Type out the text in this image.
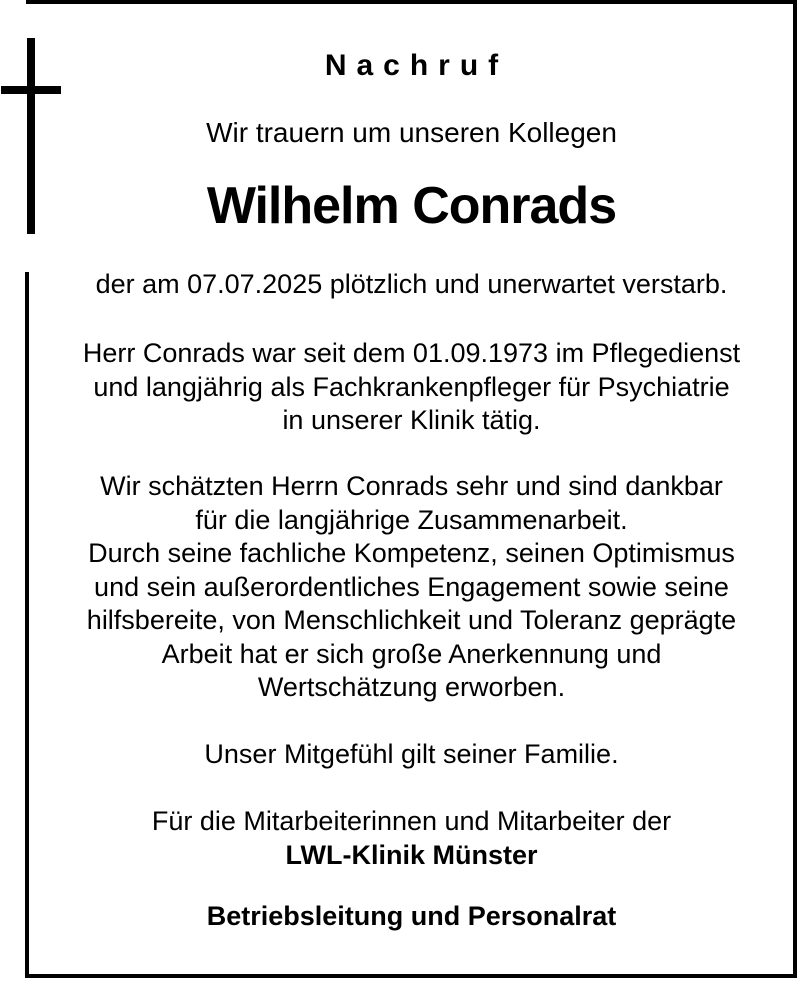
Nachruf
Wir trauern um unseren Kollegen
Wilhelm Conrads
der am 07.07.2025 plötzlich und unerwartet verstarb.
Herr Conrads war seit dem 01.09.1973 im Pflegedienst
und langjährig als Fachkrankenpfleger für Psychiatrie
in unserer Klinik tätig.
Wir schätzten Herrn Conrads sehr und sind dankbar
für die langjährige Zusammenarbeit.
Durch seine fachliche Kompetenz, seinen Optimismus
und sein außerordentliches Engagement sowie seine
hilfsbereite, von Menschlichkeit und Toleranz geprägte
Arbeit hat er sich große Anerkennung und
Wertschätzung erworben.
Unser Mitgefühl gilt seiner Familie.
Für die Mitarbeiterinnen und Mitarbeiter der
LWL-Klinik Münster
Betriebsleitung und Personalrat
